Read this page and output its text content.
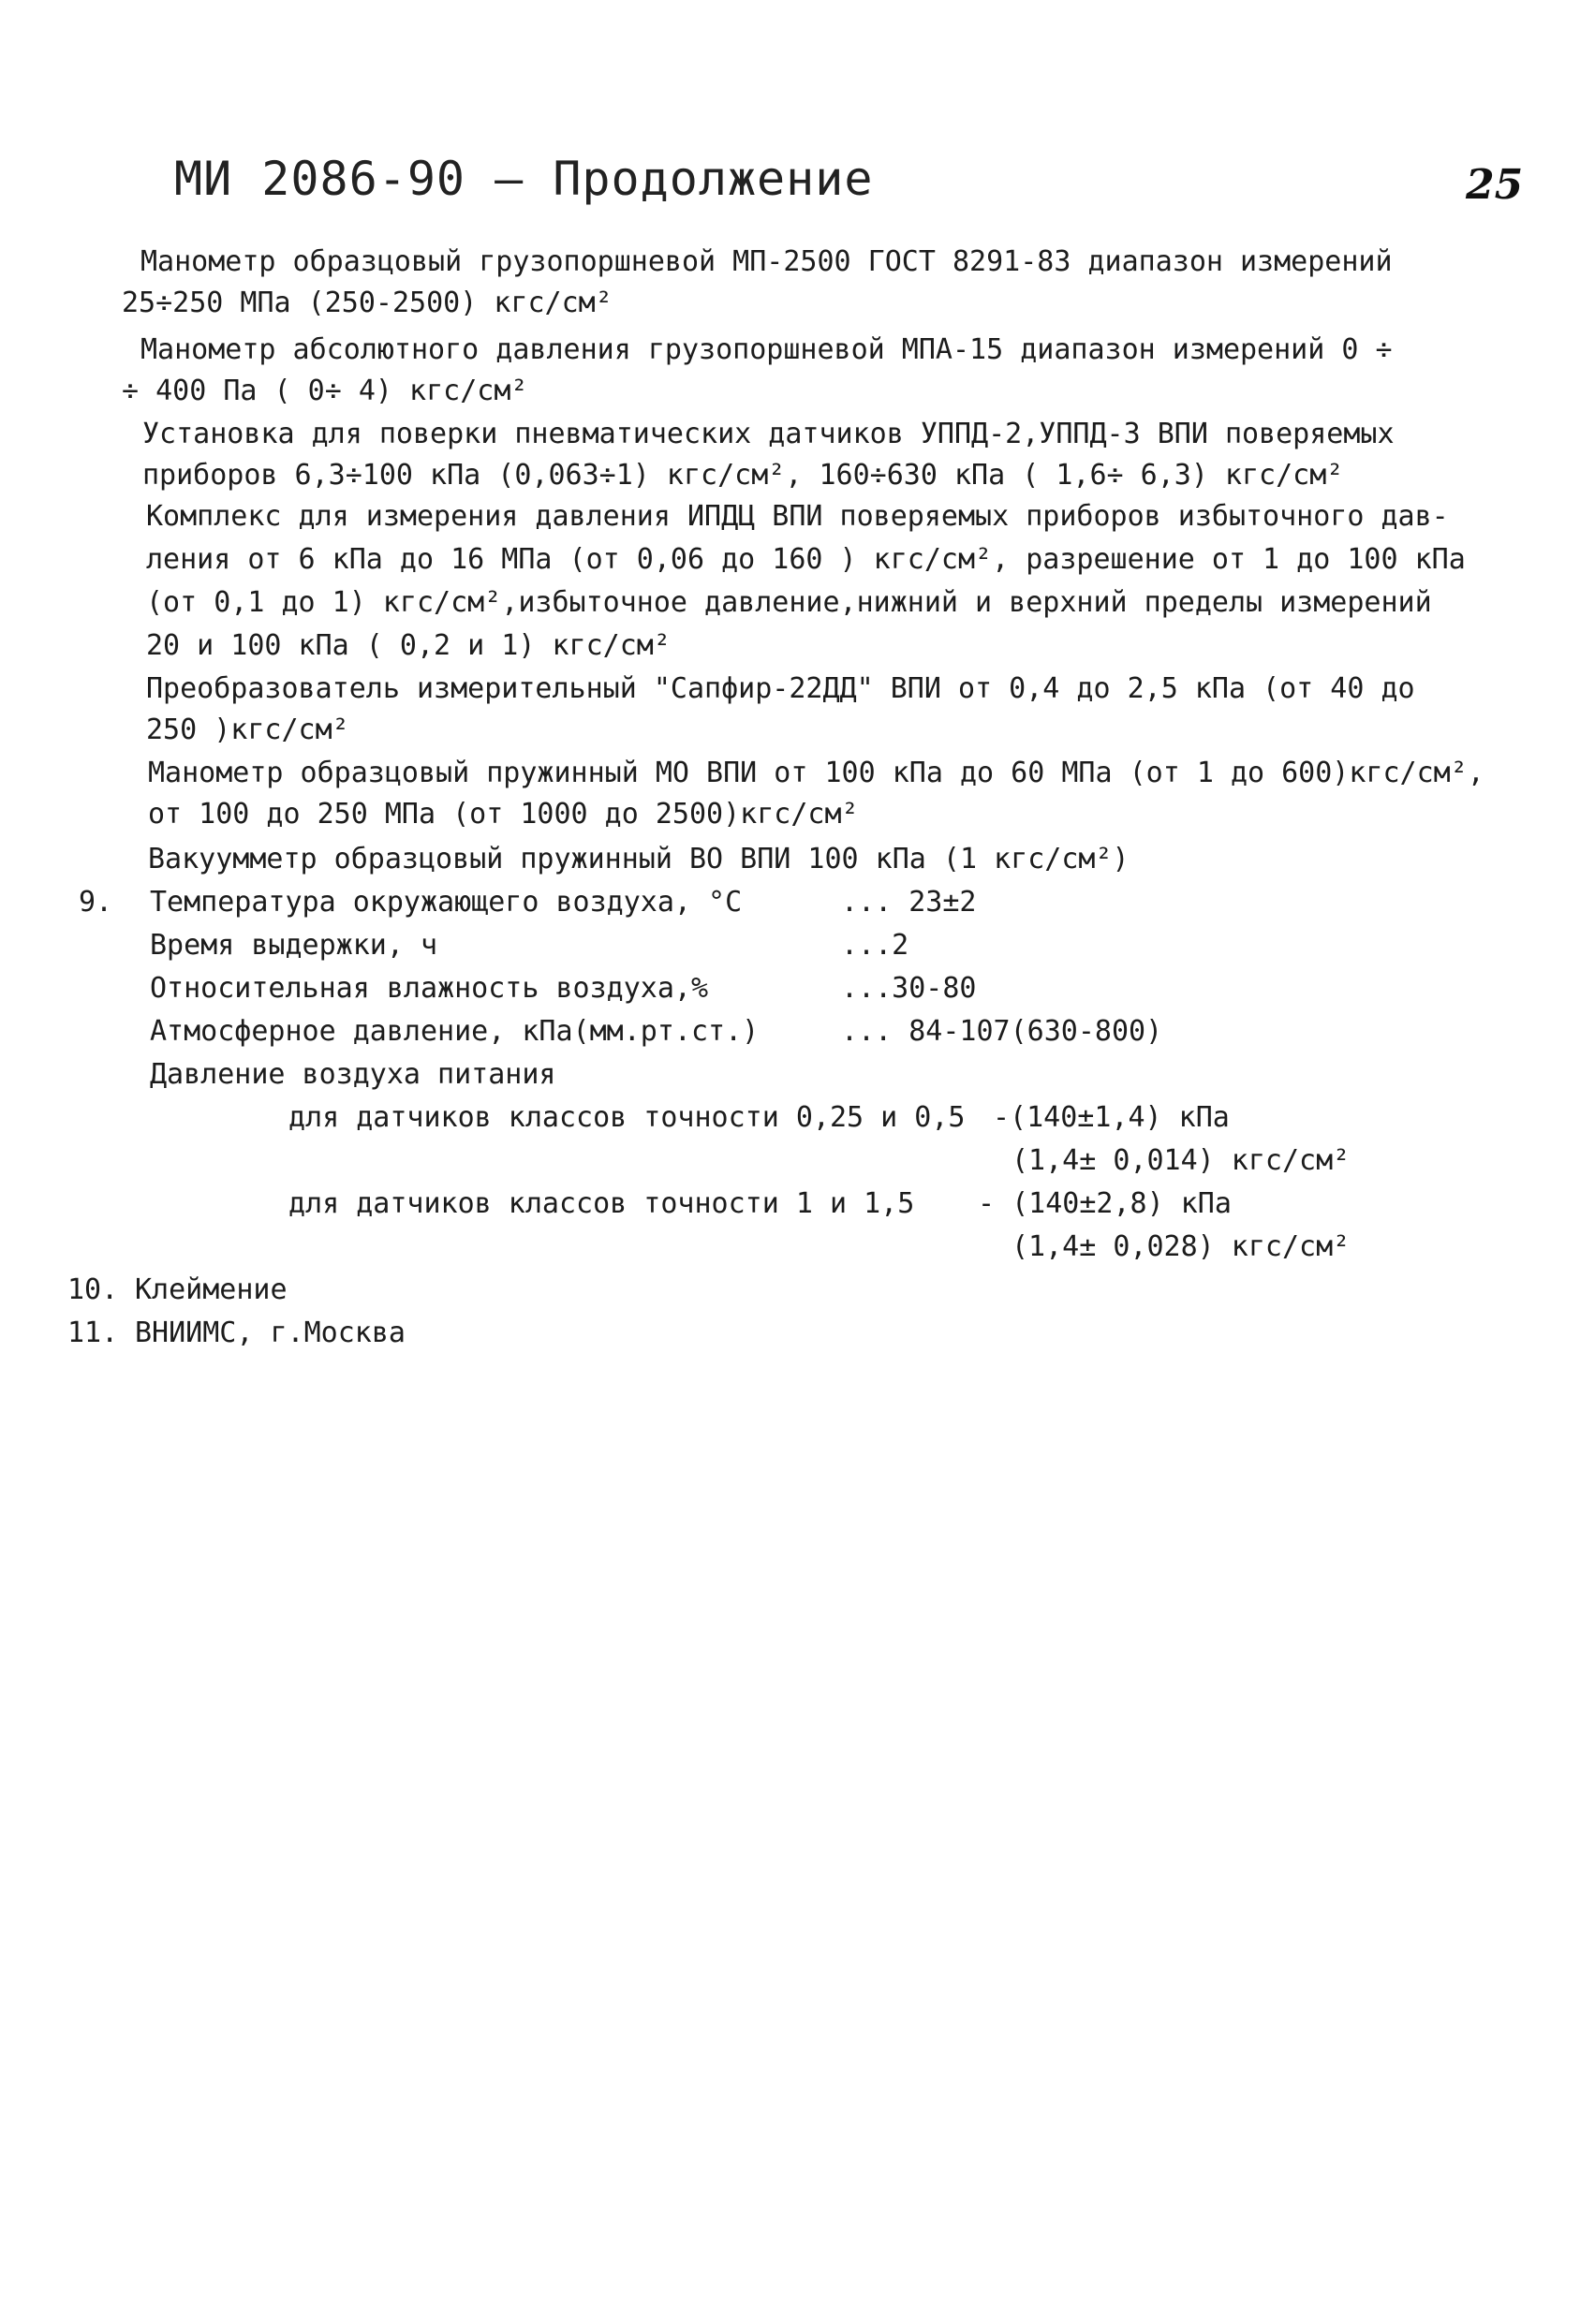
МИ 2086-90 – Продолжение	25
Манометр образцовый грузопоршневой МП-2500 ГОСТ 8291-83 диапазон измерений
25÷250 МПа (250-2500) кгс/см²
Манометр абсолютного давления грузопоршневой МПА-15 диапазон измерений 0 ÷
÷ 400 Па ( 0÷ 4) кгс/см²
Установка для поверки пневматических датчиков УППД-2,УППД-3 ВПИ поверяемых
приборов 6,3÷100 кПа (0,063÷1) кгс/см², 160÷630 кПа ( 1,6÷ 6,3) кгс/см²
Комплекс для измерения давления ИПДЦ ВПИ поверяемых приборов избыточного дав-
ления от 6 кПа до 16 МПа (от 0,06 до 160 ) кгс/см², разрешение от 1 до 100 кПа
(от 0,1 до 1) кгс/см²,избыточное давление,нижний и верхний пределы измерений
20 и 100 кПа ( 0,2 и 1) кгс/см²
Преобразователь измерительный "Сапфир-22ДД" ВПИ от 0,4 до 2,5 кПа (от 40 до
250 )кгс/см²
Манометр образцовый пружинный МО ВПИ от 100 кПа до 60 МПа (от 1 до 600)кгс/см²,
от 100 до 250 МПа (от 1000 до 2500)кгс/см²
Вакуумметр образцовый пружинный ВО ВПИ 100 кПа (1 кгс/см²)
9. Температура окружающего воздуха, °С	... 23±2
Время выдержки, ч	...2
Относительная влажность воздуха,%	...30-80
Атмосферное давление, кПа(мм.рт.ст.)	... 84-107(630-800)
Давление воздуха питания
для датчиков классов точности 0,25 и 0,5 -(140±1,4) кПа
(1,4± 0,014) кгс/см²
для датчиков классов точности 1 и 1,5 - (140±2,8) кПа
(1,4± 0,028) кгс/см²
10. Клеймение
11. ВНИИМС, г.Москва
